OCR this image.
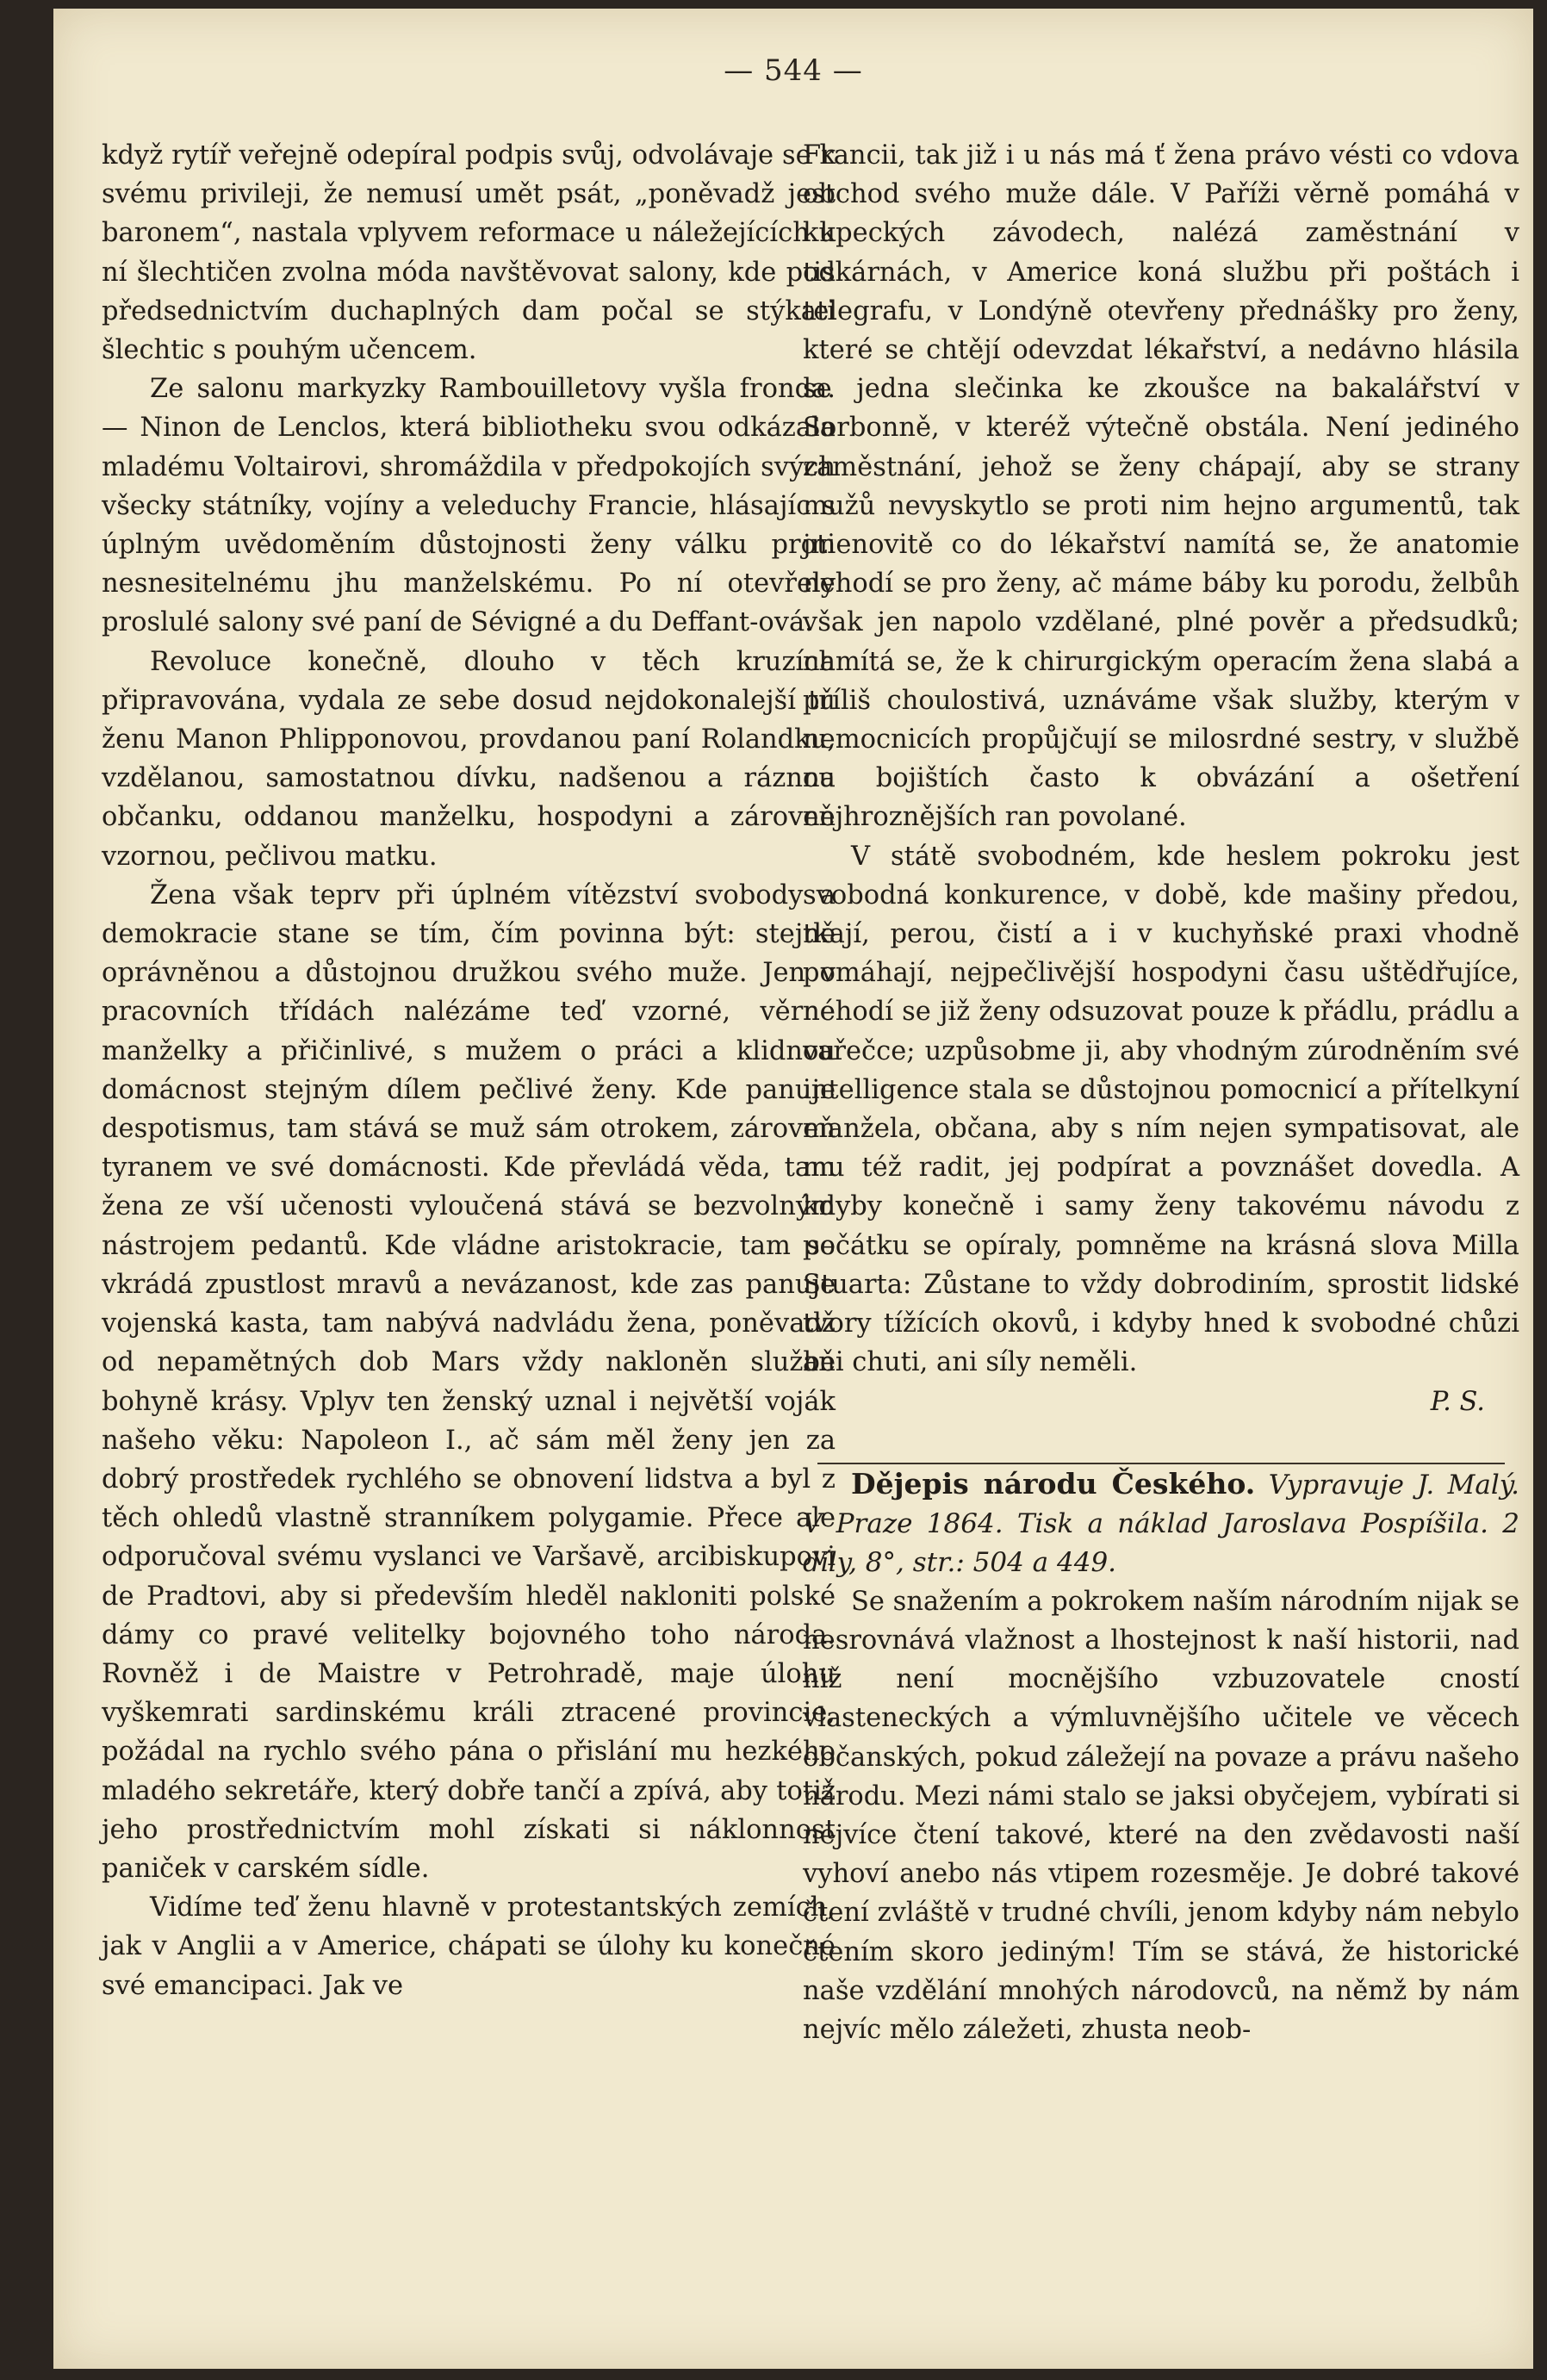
— 544 —

když rytíř veřejně odepíral podpis svůj, odvolávaje se k svému privileji, že nemusí umět psát, „poněvadž jest baronem“, nastala vplyvem reformace u náležejících k ní šlechtičen zvolna móda navštěvovat salony, kde pod předsednictvím duchaplných dam počal se stýkati šlechtic s pouhým učencem.

Ze salonu markyzky Rambouilletovy vyšla fronda. — Ninon de Lenclos, která bibliotheku svou odkázala mladému Voltairovi, shromáždila v předpokojích svých všecky státníky, vojíny a veleduchy Francie, hlásajíc s úplným uvědoměním důstojnosti ženy válku proti nesnesitelnému jhu manželskému. Po ní otevřely proslulé salony své paní de Sévigné a du Deffant-ová.

Revoluce konečně, dlouho v těch kruzích připravována, vydala ze sebe dosud nejdokonalejší tu ženu Manon Phlipponovou, provdanou paní Rolandku, vzdělanou, samostatnou dívku, nadšenou a ráznou občanku, oddanou manželku, hospodyni a zároveň vzornou, pečlivou matku.

Žena však teprv při úplném vítězství svobody a demokracie stane se tím, čím povinna být: stejně oprávněnou a důstojnou družkou svého muže. Jen v pracovních třídách nalézáme teď vzorné, věrné manželky a přičinlivé, s mužem o práci a klidnou domácnost stejným dílem pečlivé ženy. Kde panuje despotismus, tam stává se muž sám otrokem, zároveň tyranem ve své domácnosti. Kde převládá věda, tam žena ze vší učenosti vyloučená stává se bezvolným nástrojem pedantů. Kde vládne aristokracie, tam se vkrádá zpustlost mravů a nevázanost, kde zas panuje vojenská kasta, tam nabývá nadvládu žena, poněvadž od nepamětných dob Mars vždy nakloněn službě bohyně krásy. Vplyv ten ženský uznal i největší voják našeho věku: Napoleon I., ač sám měl ženy jen za dobrý prostředek rychlého se obnovení lidstva a byl z těch ohledů vlastně stranníkem polygamie. Přece ale odporučoval svému vyslanci ve Varšavě, arcibiskupovi de Pradtovi, aby si především hleděl nakloniti polské dámy co pravé velitelky bojovného toho národa. Rovněž i de Maistre v Petrohradě, maje úlohu vyškemrati sardinskému králi ztracené provincie, požádal na rychlo svého pána o přislání mu hezkého mladého sekretáře, který dobře tančí a zpívá, aby totiž jeho prostřednictvím mohl získati si náklonnost paniček v carském sídle.

Vidíme teď ženu hlavně v protestantských zemích, jak v Anglii a v Americe, chápati se úlohy ku konečné své emancipaci. Jak ve

Francii, tak již i u nás má ť žena právo vésti co vdova obchod svého muže dále. V Paříži věrně pomáhá v kupeckých závodech, nalézá zaměstnání v tiskárnách, v Americe koná službu při poštách i telegrafu, v Londýně otevřeny přednášky pro ženy, které se chtějí odevzdat lékařství, a nedávno hlásila se jedna slečinka ke zkoušce na bakalářství v Sorbonně, v kteréž výtečně obstála. Není jediného zaměstnání, jehož se ženy chápají, aby se strany mužů nevyskytlo se proti nim hejno argumentů, tak jmenovitě co do lékařství namítá se, že anatomie nehodí se pro ženy, ač máme báby ku porodu, želbůh však jen napolo vzdělané, plné pověr a předsudků; namítá se, že k chirurgickým operacím žena slabá a příliš choulostivá, uznáváme však služby, kterým v nemocnicích propůjčují se milosrdné sestry, v službě na bojištích často k obvázání a ošetření nejhroznějších ran povolané.

V státě svobodném, kde heslem pokroku jest svobodná konkurence, v době, kde mašiny předou, tkají, perou, čistí a i v kuchyňské praxi vhodně pomáhají, nejpečlivější hospodyni času uštědřujíce, nehodí se již ženy odsuzovat pouze k přádlu, prádlu a vařečce; uzpůsobme ji, aby vhodným zúrodněním své intelligence stala se důstojnou pomocnicí a přítelkyní manžela, občana, aby s ním nejen sympatisovat, ale mu též radit, jej podpírat a povznášet dovedla. A kdyby konečně i samy ženy takovému návodu z počátku se opíraly, pomněme na krásná slova Milla Stuarta: Zůstane to vždy dobrodiním, sprostit lidské tvory tížících okovů, i kdyby hned k svobodné chůzi ani chuti, ani síly neměli.

P. S.

Dějepis národu Českého. Vypravuje J. Malý. V Praze 1864. Tisk a náklad Jaroslava Pospíšila. 2 díly, 8°, str.: 504 a 449.

Se snažením a pokrokem naším národním nijak se nesrovnává vlažnost a lhostejnost k naší historii, nad niž není mocnějšího vzbuzovatele cností vlasteneckých a výmluvnějšího učitele ve věcech občanských, pokud záležejí na povaze a právu našeho národu. Mezi námi stalo se jaksi obyčejem, vybírati si nejvíce čtení takové, které na den zvědavosti naší vyhoví anebo nás vtipem rozesměje. Je dobré takové čtení zvláště v trudné chvíli, jenom kdyby nám nebylo čtením skoro jediným! Tím se stává, že historické naše vzdělání mnohých národovců, na němž by nám nejvíc mělo záležeti, zhusta neob-
